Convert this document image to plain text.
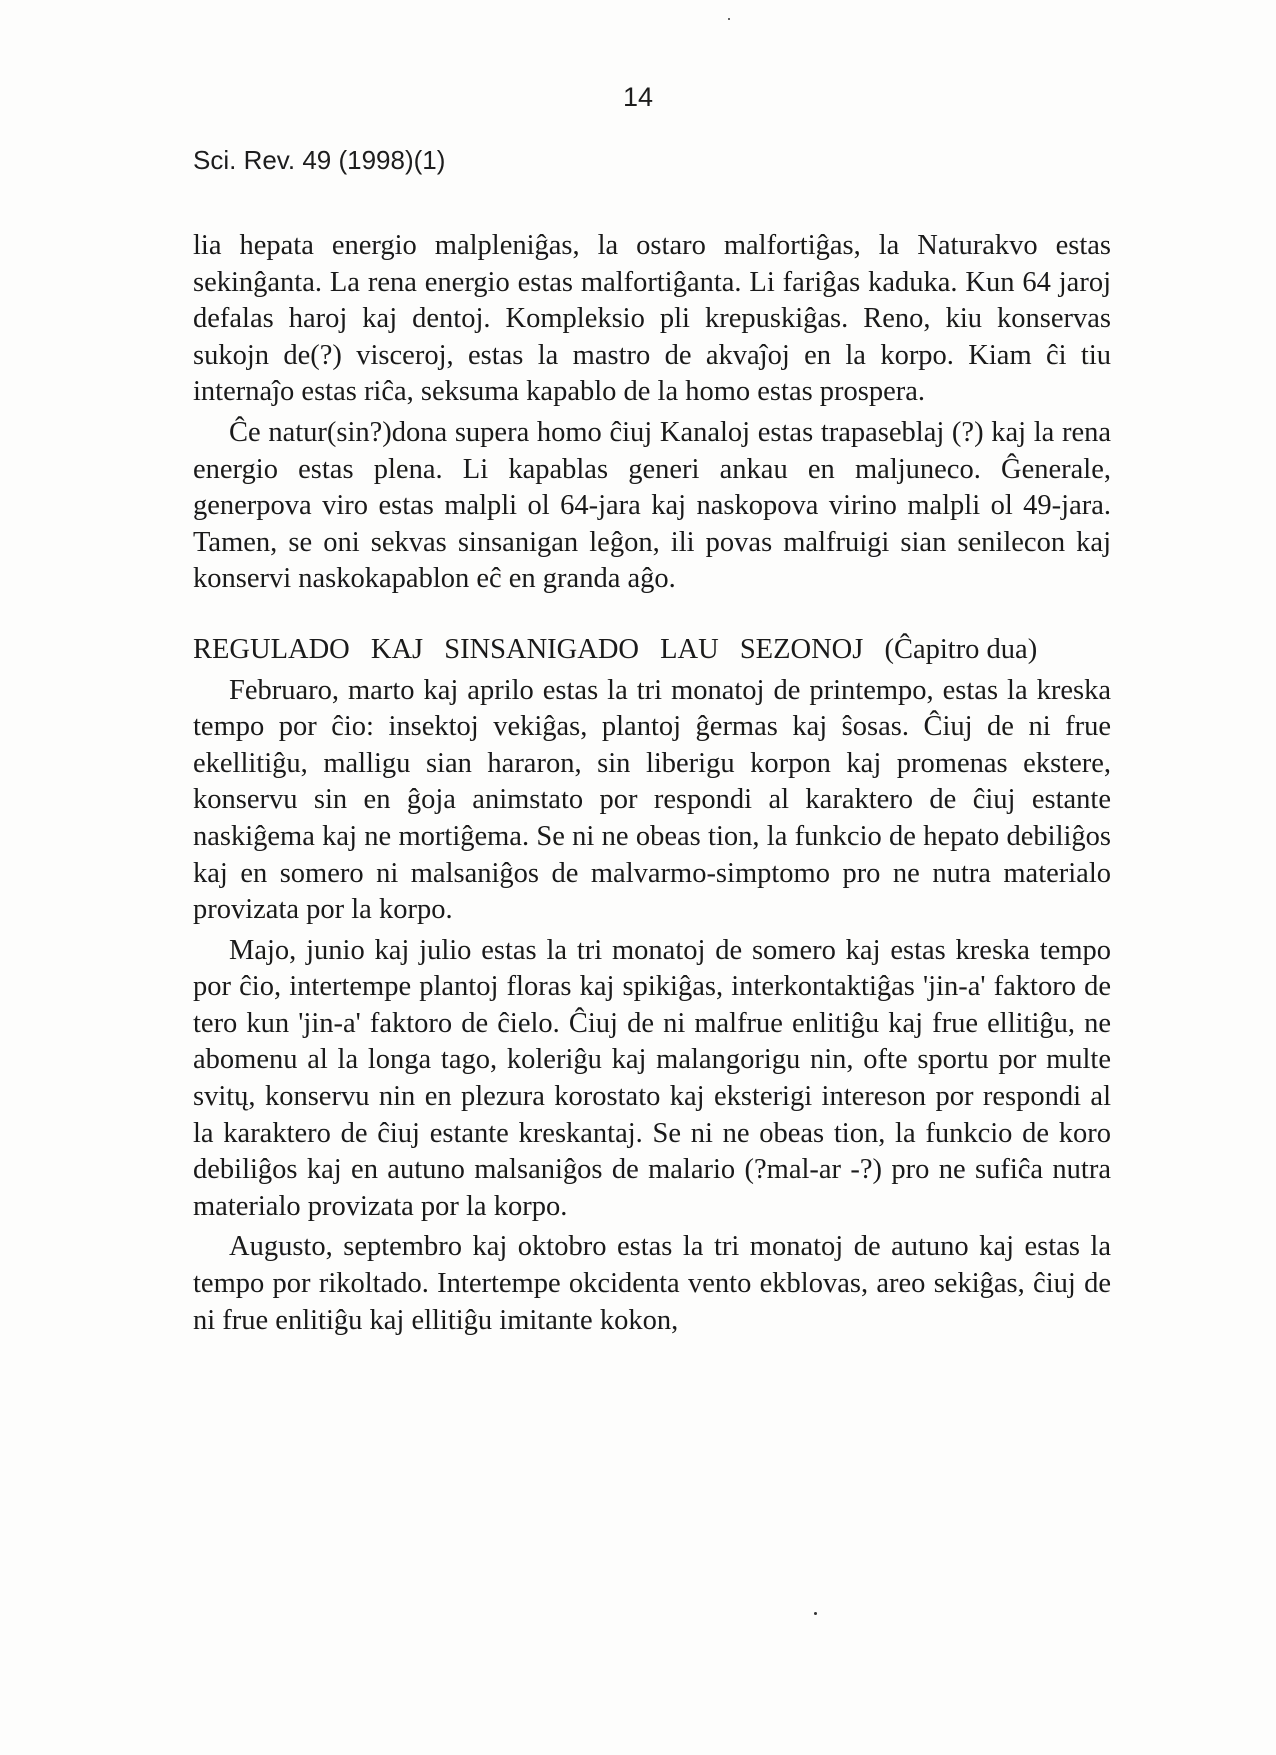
14
Sci. Rev. 49 (1998)(1)

lia hepata energio malpleniĝas, la ostaro malfortiĝas, la Naturakvo estas sekinĝanta. La rena energio estas malfortiĝanta. Li fariĝas kaduka. Kun 64 jaroj defalas haroj kaj dentoj. Kompleksio pli krepuskiĝas. Reno, kiu konservas sukojn de(?) visceroj, estas la mastro de akvaĵoj en la korpo. Kiam ĉi tiu internaĵo estas riĉa, seksuma kapablo de la homo estas prospera.

Ĉe natur(sin?)dona supera homo ĉiuj Kanaloj estas trapaseblaj (?) kaj la rena energio estas plena. Li kapablas generi ankau en maljuneco. Ĝenerale, generpova viro estas malpli ol 64-jara kaj naskopova virino malpli ol 49-jara. Tamen, se oni sekvas sinsanigan leĝon, ili povas malfruigi sian senilecon kaj konservi naskokapablon eĉ en granda aĝo.

REGULADO KAJ SINSANIGADO LAU SEZONOJ (Ĉapitro dua)

Februaro, marto kaj aprilo estas la tri monatoj de printempo, estas la kreska tempo por ĉio: insektoj vekiĝas, plantoj ĝermas kaj ŝosas. Ĉiuj de ni frue ekellitiĝu, malligu sian hararon, sin liberigu korpon kaj promenas ekstere, konservu sin en ĝoja animstato por respondi al karaktero de ĉiuj estante naskiĝema kaj ne mortiĝema. Se ni ne obeas tion, la funkcio de hepato debiliĝos kaj en somero ni malsaniĝos de malvarmo-simptomo pro ne nutra materialo provizata por la korpo.

Majo, junio kaj julio estas la tri monatoj de somero kaj estas kreska tempo por ĉio, intertempe plantoj floras kaj spikiĝas, interkontaktiĝas 'jin-a' faktoro de tero kun 'jin-a' faktoro de ĉielo. Ĉiuj de ni malfrue enlitiĝu kaj frue ellitiĝu, ne abomenu al la longa tago, koleriĝu kaj malangorigu nin, ofte sportu por multe svitų, konservu nin en plezura korostato kaj eksterigi intereson por respondi al la karaktero de ĉiuj estante kreskantaj. Se ni ne obeas tion, la funkcio de koro debiliĝos kaj en autuno malsaniĝos de malario (?mal-ar -?) pro ne sufiĉa nutra materialo provizata por la korpo.

Augusto, septembro kaj oktobro estas la tri monatoj de autuno kaj estas la tempo por rikoltado. Intertempe okcidenta vento ekblovas, areo sekiĝas, ĉiuj de ni frue enlitiĝu kaj ellitiĝu imitante kokon,
